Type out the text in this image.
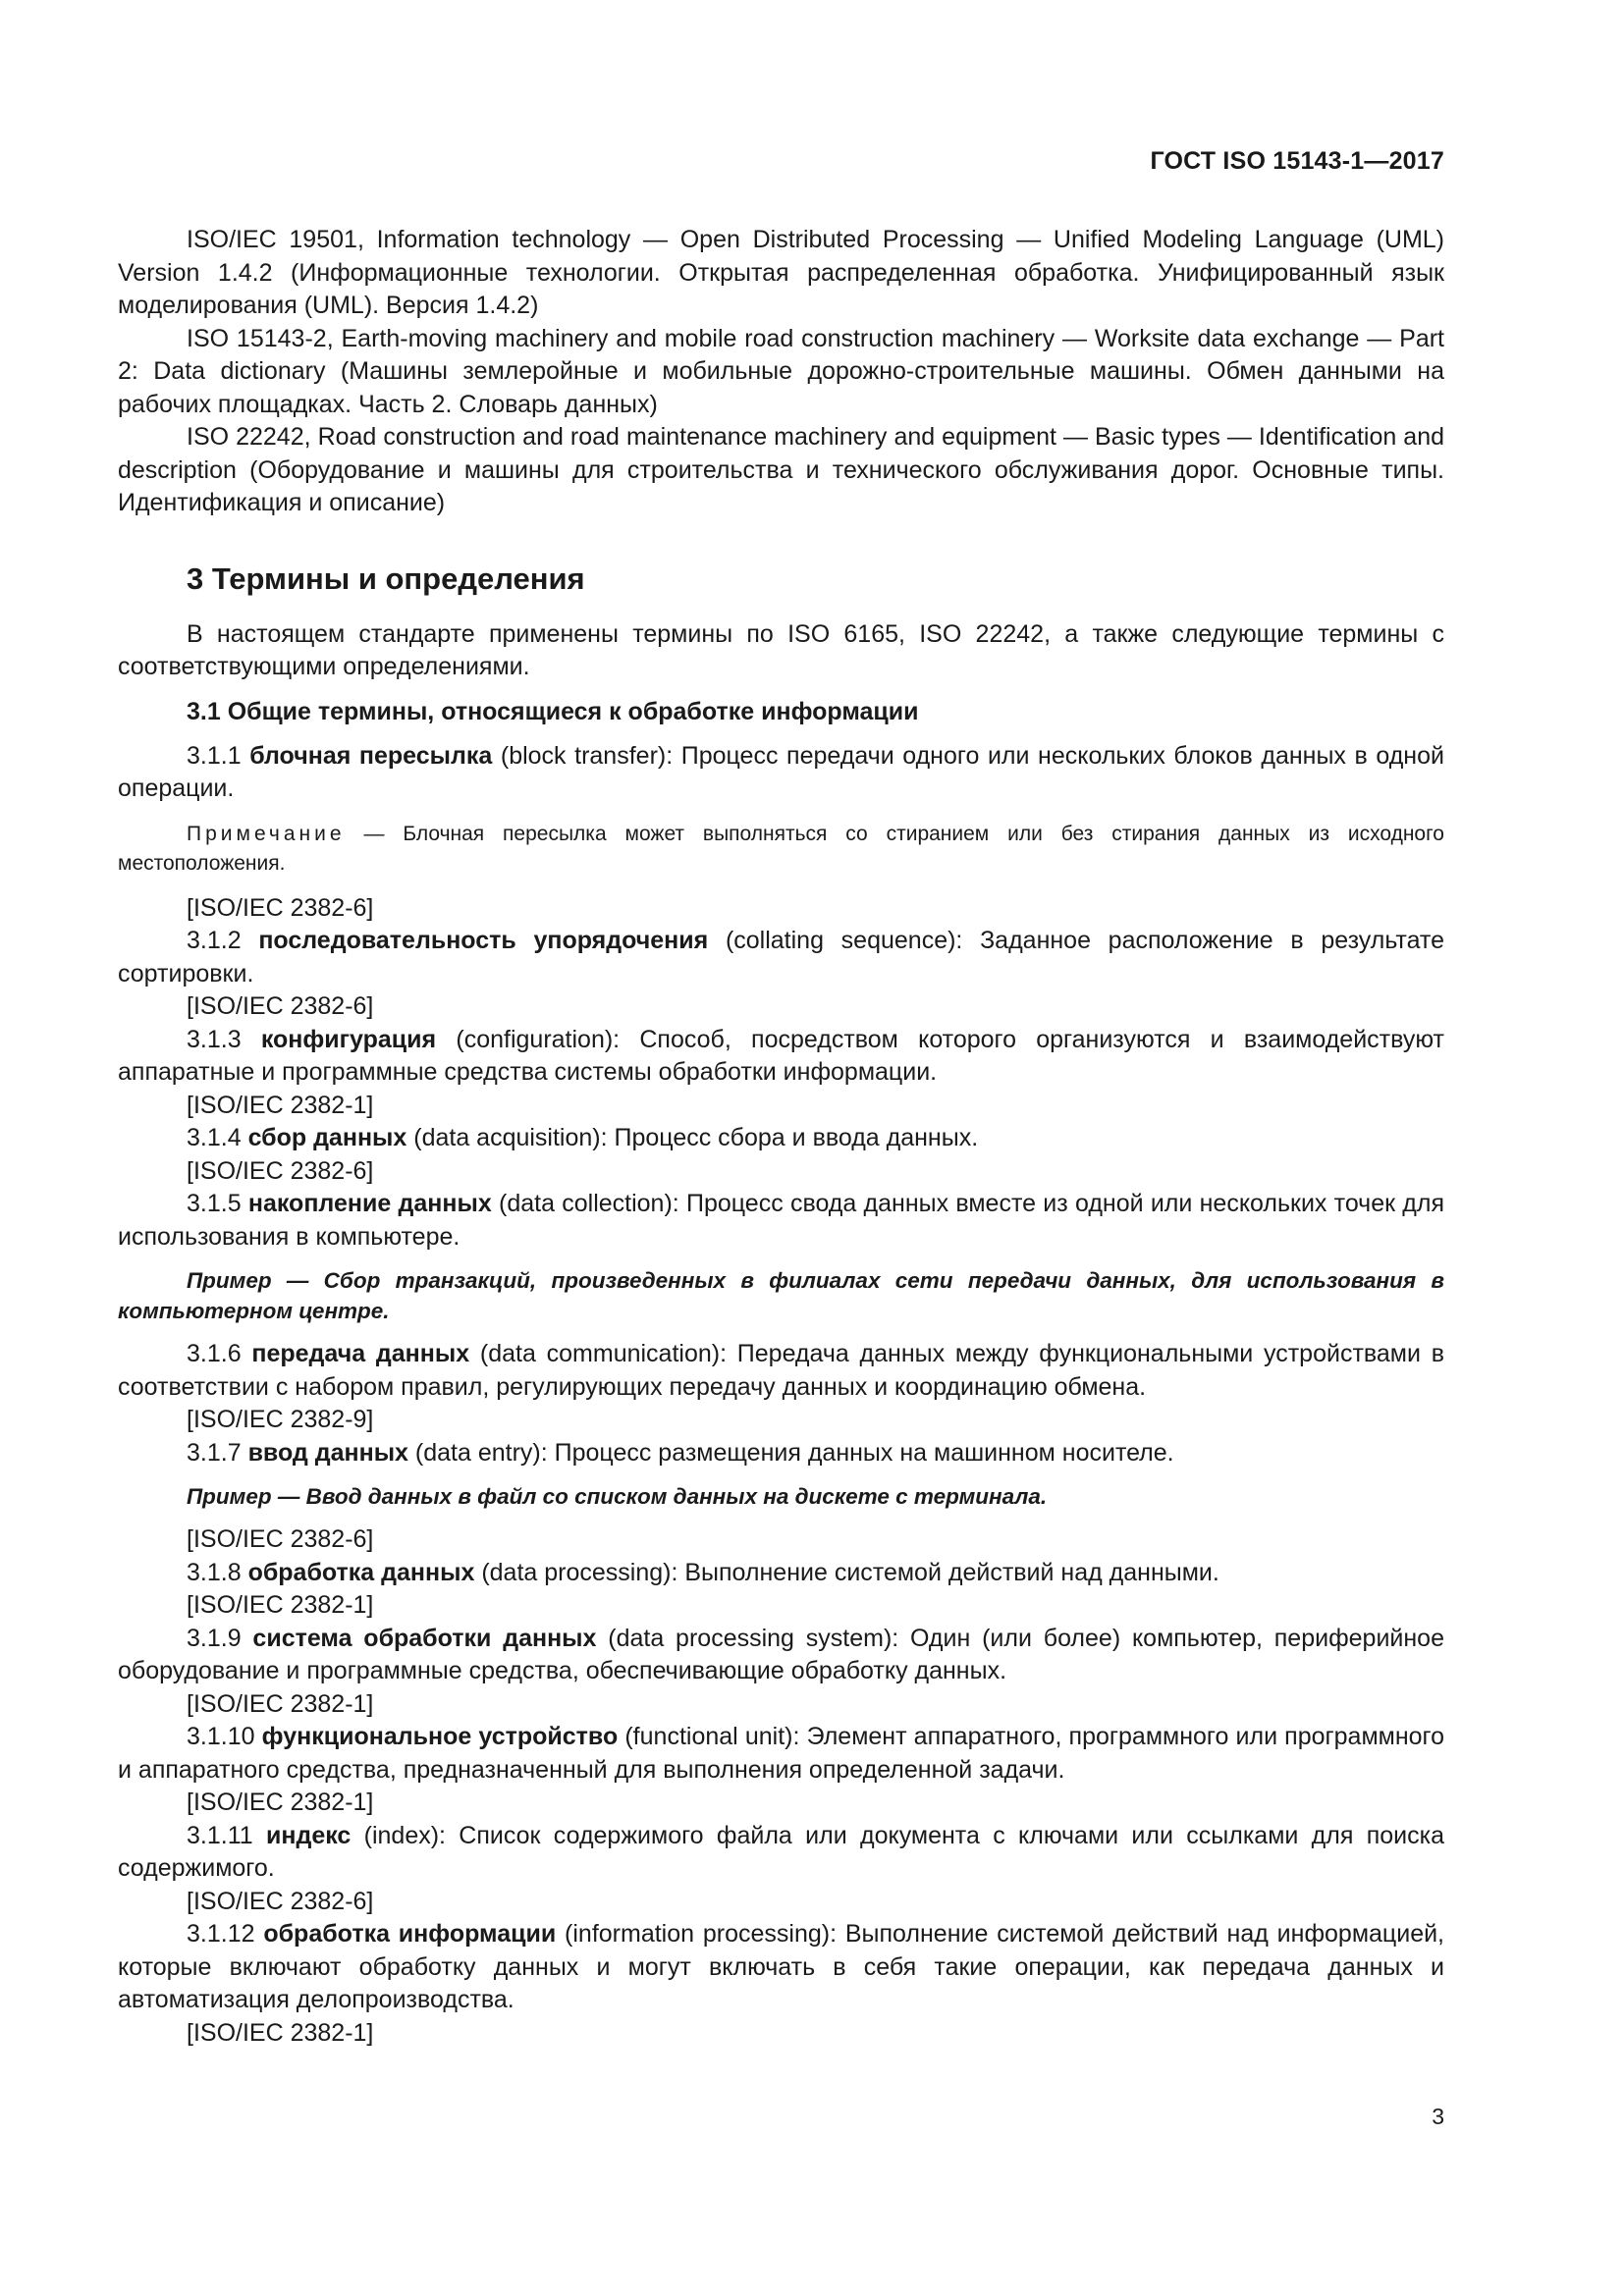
ГОСТ ISO 15143-1—2017

ISO/IEC 19501, Information technology — Open Distributed Processing — Unified Modeling Language (UML) Version 1.4.2 (Информационные технологии. Открытая распределенная обработка. Унифицированный язык моделирования (UML). Версия 1.4.2)

ISO 15143-2, Earth-moving machinery and mobile road construction machinery — Worksite data exchange — Part 2: Data dictionary (Машины землеройные и мобильные дорожно-строительные машины. Обмен данными на рабочих площадках. Часть 2. Словарь данных)

ISO 22242, Road construction and road maintenance machinery and equipment — Basic types — Identification and description (Оборудование и машины для строительства и технического обслуживания дорог. Основные типы. Идентификация и описание)

3 Термины и определения

В настоящем стандарте применены термины по ISO 6165, ISO 22242, а также следующие термины с соответствующими определениями.

3.1 Общие термины, относящиеся к обработке информации

3.1.1 блочная пересылка (block transfer): Процесс передачи одного или нескольких блоков данных в одной операции.

Примечание — Блочная пересылка может выполняться со стиранием или без стирания данных из исходного местоположения.

[ISO/IEC 2382-6]

3.1.2 последовательность упорядочения (collating sequence): Заданное расположение в результате сортировки.

[ISO/IEC 2382-6]

3.1.3 конфигурация (configuration): Способ, посредством которого организуются и взаимодействуют аппаратные и программные средства системы обработки информации.

[ISO/IEC 2382-1]

3.1.4 сбор данных (data acquisition): Процесс сбора и ввода данных.

[ISO/IEC 2382-6]

3.1.5 накопление данных (data collection): Процесс свода данных вместе из одной или нескольких точек для использования в компьютере.

Пример — Сбор транзакций, произведенных в филиалах сети передачи данных, для использования в компьютерном центре.

3.1.6 передача данных (data communication): Передача данных между функциональными устройствами в соответствии с набором правил, регулирующих передачу данных и координацию обмена.

[ISO/IEC 2382-9]

3.1.7 ввод данных (data entry): Процесс размещения данных на машинном носителе.

Пример — Ввод данных в файл со списком данных на дискете с терминала.

[ISO/IEC 2382-6]

3.1.8 обработка данных (data processing): Выполнение системой действий над данными.

[ISO/IEC 2382-1]

3.1.9 система обработки данных (data processing system): Один (или более) компьютер, периферийное оборудование и программные средства, обеспечивающие обработку данных.

[ISO/IEC 2382-1]

3.1.10 функциональное устройство (functional unit): Элемент аппаратного, программного или программного и аппаратного средства, предназначенный для выполнения определенной задачи.

[ISO/IEC 2382-1]

3.1.11 индекс (index): Список содержимого файла или документа с ключами или ссылками для поиска содержимого.

[ISO/IEC 2382-6]

3.1.12 обработка информации (information processing): Выполнение системой действий над информацией, которые включают обработку данных и могут включать в себя такие операции, как передача данных и автоматизация делопроизводства.

[ISO/IEC 2382-1]

3
